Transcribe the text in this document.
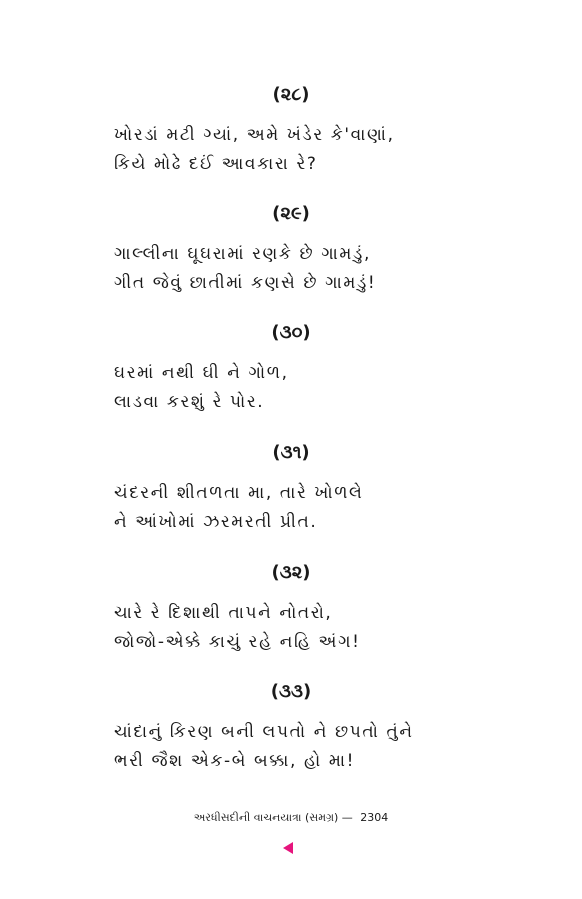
(૨૮)
ખોરડાં મટી ગ્યાં, અમે ખંડેર કે'વાણાં,
કિયે મોઢે દઈં આવકારા રે?
(૨૯)
ગાલ્લીના ઘૂઘરામાં રણકે છે ગામડું,
ગીત જેવું છાતીમાં કણસે છે ગામડું!
(૩૦)
ઘરમાં નથી ઘી ને ગોળ,
લાડવા કરશું રે પોર.
(૩૧)
ચંદરની શીતળતા મા, તારે ખોળલે
ને આંખોમાં ઝરમરતી પ્રીત.
(૩૨)
ચારે રે દિશાથી તાપને નોતરો,
જોજો-એક્કે કાચું રહે નહિ અંગ!
(૩૩)
ચાંદાનું કિરણ બની લપતો ને છપતો તુંને
ભરી જૈશ એક-બે બક્કા, હો મા!
અરધીસદીની વાચનયાત્રા (સમગ્ર) — 2304
